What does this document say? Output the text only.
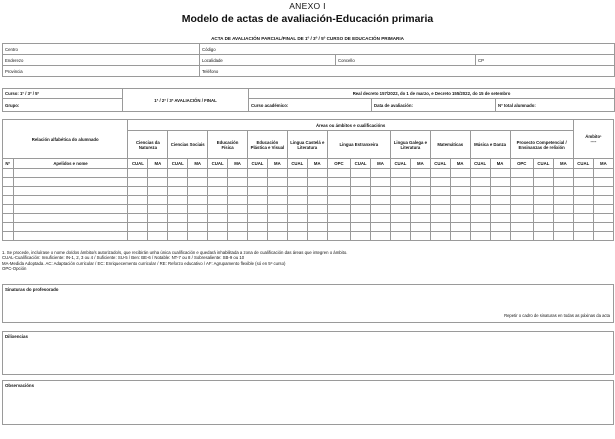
ANEXO I
Modelo de actas de avaliación-Educación primaria
ACTA DE AVALIACIÓN PARCIAL/FINAL DE 1º / 3º / 5º CURSO DE EDUCACIÓN PRIMARIA
Centro	Código		
Enderezo	Localidade	Concello	CP
Provincia	Teléfono		
Curso: 1º / 3º / 5º	1ª / 2ª / 3ª AVALIACIÓN / FINAL	Real decreto 157/2022, do 1 de marzo, e Decreto 155/2022, do 15 de setembro		
Grupo:		Curso académico:	Data de avaliación:	Nº total alumnado:
Relación alfabética do alumnado		Áreas ou ámbitos e cualificacións																						Ámbito¹
----	

		Ciencias da Natureza		Ciencias Sociais		Educación Física		Educación Plástica e Visual		Lingua Castelá e Literatura		Lingua Estranxeira			Lingua Galega e Literatura		Matemáticas		Música e Danza		Proxecto Competencial / Ensinanzas de relixión				
Nº	Apelidos e nome	CUAL	MA	CUAL	MA	CUAL	MA	CUAL	MA	CUAL	MA	OPC	CUAL	MA	CUAL	MA	CUAL	MA	CUAL	MA	OPC	CUAL	MA	CUAL	MA

1. Se procede, incluírase o nome do/dos ámbito/s autorizado/s, que recibirán unha única cualificación e quedará inhabilitada a zona de cualificación das áreas que integren o ámbito.
CUAL-Cualificación: Insuficiente: IN-1, 2, 3 ou 4 / Suficiente: SU-5 / Ben: BE-6 / Notable: NT-7 ou 8 / Sobresaliente: SB-9 ou 10
MA-Medida Adoptada. AC: Adaptación curricular / EC: Enriquecemento curricular / RE: Reforzo educativo / AF: Agrupamento flexible (só en 5º curso)
OPC-Opción
Sinaturas do profesorado
Repetir o cadro de sinaturas en todas as páxinas da acta
Dilixencias
Observacións
